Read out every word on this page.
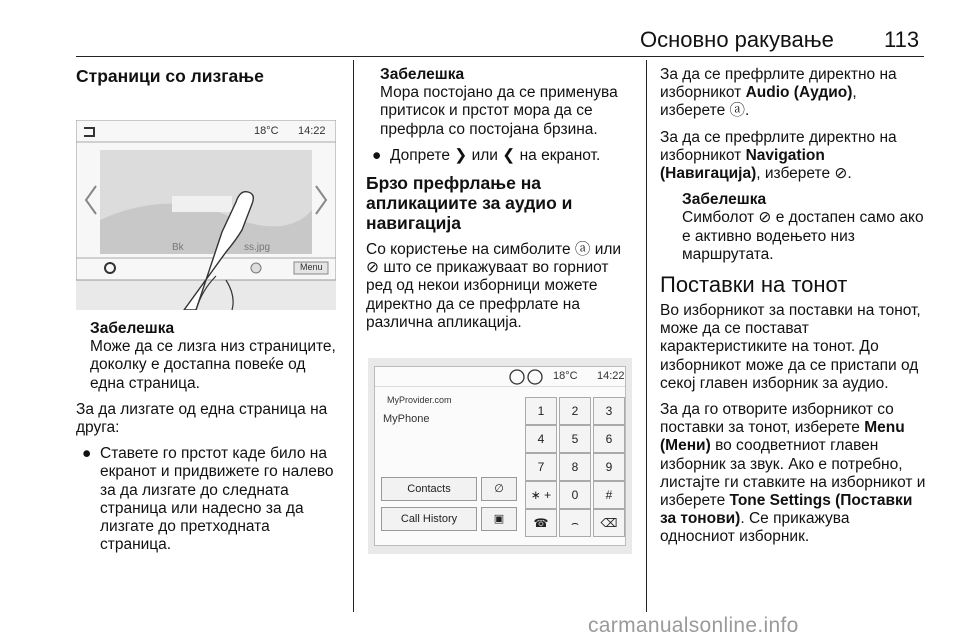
Основно ракување 113
Страници со лизгање
18°C 14:22
Bk	ss.jpg
Menu
Забелешка
Може да се лизга низ страниците, доколку е достапна повеќе од една страница.

За да лизгате од една страница на друга:

● Ставете го прстот каде било на екранот и придвижете го налево за да лизгате до следната страница или надесно за да лизгате до претходната страница.
Забелешка
Мора постојано да се применува притисок и прстот мора да се префрла со постојана брзина.
● Допрете ❯ или ❮ на екранот.
Брзо префрлање на апликациите за аудио и навигација

Со користење на симболите ⓐ или ⊘ што се прикажуваат во горниот ред од некои изборници можете директно да се префрлате на различна апликација.

18°C 14:22
MyProvider.com
MyPhone
Contacts
Call History
∅
▣
1	2	3
4	5	6
7	8	9
∗ +	0	#
☎	⌢	⌫

За да се префрлите директно на изборникот Audio (Аудио), изберете ⓐ.

За да се префрлите директно на изборникот Navigation (Навигација), изберете ⊘.

Забелешка
Симболот ⊘ е достапен само ако е активно водењето низ маршрутата.
Поставки на тонот

Во изборникот за поставки на тонот, може да се постават карактеристиките на тонот. До изборникот може да се пристапи од секој главен изборник за аудио.

За да го отворите изборникот со поставки за тонот, изберете Menu (Мени) во соодветниот главен изборник за звук. Ако е потребно, листајте ги ставките на изборникот и изберете Tone Settings (Поставки за тонови). Се прикажува односниот изборник.

carmanualsonline.info
